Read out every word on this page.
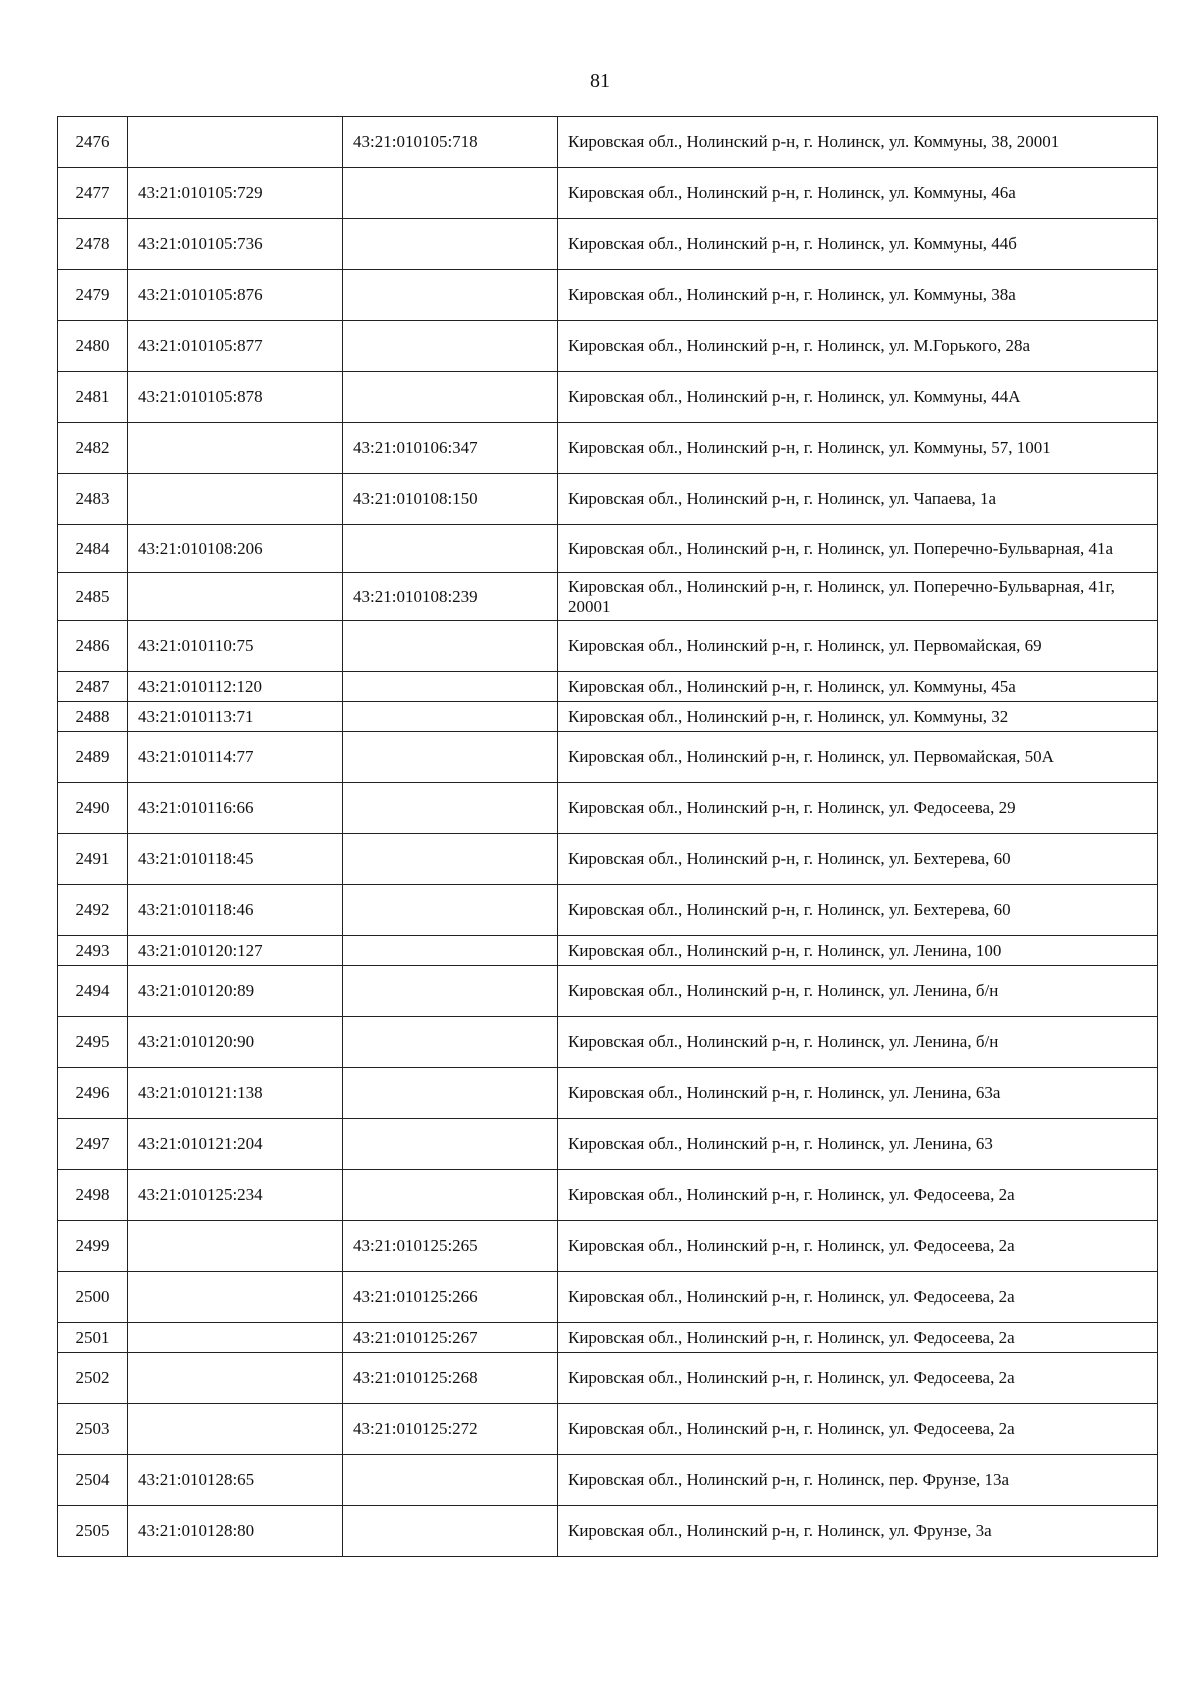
81
2476		43:21:010105:718	Кировская обл., Нолинский р-н, г. Нолинск, ул. Коммуны, 38, 20001
2477	43:21:010105:729		Кировская обл., Нолинский р-н, г. Нолинск, ул. Коммуны, 46а
2478	43:21:010105:736		Кировская обл., Нолинский р-н, г. Нолинск, ул. Коммуны, 44б
2479	43:21:010105:876		Кировская обл., Нолинский р-н, г. Нолинск, ул. Коммуны, 38а
2480	43:21:010105:877		Кировская обл., Нолинский р-н, г. Нолинск, ул. М.Горького, 28а
2481	43:21:010105:878		Кировская обл., Нолинский р-н, г. Нолинск, ул. Коммуны, 44А
2482		43:21:010106:347	Кировская обл., Нолинский р-н, г. Нолинск, ул. Коммуны, 57, 1001
2483		43:21:010108:150	Кировская обл., Нолинский р-н, г. Нолинск, ул. Чапаева, 1а
2484	43:21:010108:206		Кировская обл., Нолинский р-н, г. Нолинск, ул. Поперечно-Бульварная, 41а
2485		43:21:010108:239	Кировская обл., Нолинский р-н, г. Нолинск, ул. Поперечно-Бульварная, 41г, 20001
2486	43:21:010110:75		Кировская обл., Нолинский р-н, г. Нолинск, ул. Первомайская, 69
2487	43:21:010112:120		Кировская обл., Нолинский р-н, г. Нолинск, ул. Коммуны, 45а
2488	43:21:010113:71		Кировская обл., Нолинский р-н, г. Нолинск, ул. Коммуны, 32
2489	43:21:010114:77		Кировская обл., Нолинский р-н, г. Нолинск, ул. Первомайская, 50А
2490	43:21:010116:66		Кировская обл., Нолинский р-н, г. Нолинск, ул. Федосеева, 29
2491	43:21:010118:45		Кировская обл., Нолинский р-н, г. Нолинск, ул. Бехтерева, 60
2492	43:21:010118:46		Кировская обл., Нолинский р-н, г. Нолинск, ул. Бехтерева, 60
2493	43:21:010120:127		Кировская обл., Нолинский р-н, г. Нолинск, ул. Ленина, 100
2494	43:21:010120:89		Кировская обл., Нолинский р-н, г. Нолинск, ул. Ленина, б/н
2495	43:21:010120:90		Кировская обл., Нолинский р-н, г. Нолинск, ул. Ленина, б/н
2496	43:21:010121:138		Кировская обл., Нолинский р-н, г. Нолинск, ул. Ленина, 63а
2497	43:21:010121:204		Кировская обл., Нолинский р-н, г. Нолинск, ул. Ленина, 63
2498	43:21:010125:234		Кировская обл., Нолинский р-н, г. Нолинск, ул. Федосеева, 2а
2499		43:21:010125:265	Кировская обл., Нолинский р-н, г. Нолинск, ул. Федосеева, 2а
2500		43:21:010125:266	Кировская обл., Нолинский р-н, г. Нолинск, ул. Федосеева, 2а
2501		43:21:010125:267	Кировская обл., Нолинский р-н, г. Нолинск, ул. Федосеева, 2а
2502		43:21:010125:268	Кировская обл., Нолинский р-н, г. Нолинск, ул. Федосеева, 2а
2503		43:21:010125:272	Кировская обл., Нолинский р-н, г. Нолинск, ул. Федосеева, 2а
2504	43:21:010128:65		Кировская обл., Нолинский р-н, г. Нолинск, пер. Фрунзе, 13а
2505	43:21:010128:80		Кировская обл., Нолинский р-н, г. Нолинск, ул. Фрунзе, 3а
